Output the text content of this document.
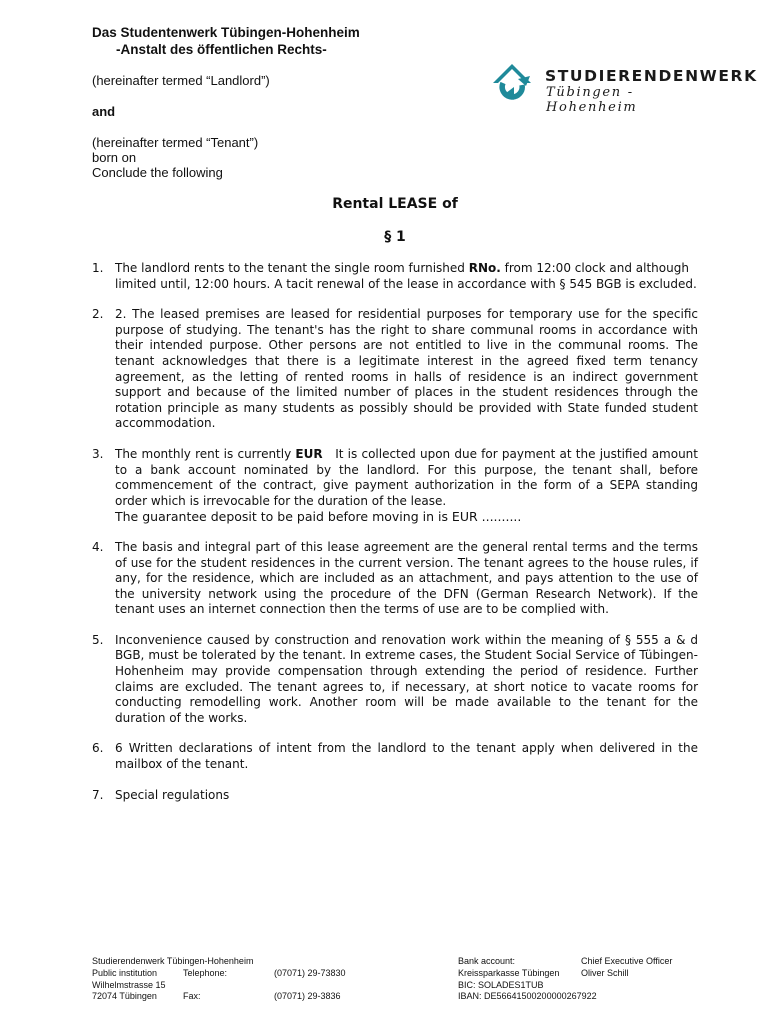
Das Studentenwerk Tübingen-Hohenheim
-Anstalt des öffentlichen Rechts-
(hereinafter termed “Landlord”)
and
(hereinafter termed “Tenant”)
born on
Conclude the following
STUDIERENDENWERK
Tübingen - Hohenheim
Rental LEASE of
§ 1
1. The landlord rents to the tenant the single room furnished RNo. from 12:00 clock and although limited until, 12:00 hours. A tacit renewal of the lease in accordance with § 545 BGB is excluded.

2. 2. The leased premises are leased for residential purposes for temporary use for the specific purpose of studying. The tenant's has the right to share communal rooms in accordance with their intended purpose. Other persons are not entitled to live in the communal rooms. The tenant acknowledges that there is a legitimate interest in the agreed fixed term tenancy agreement, as the letting of rented rooms in halls of residence is an indirect government support and because of the limited number of places in the student residences through the rotation principle as many students as possibly should be provided with State funded student accommodation.

3. The monthly rent is currently EUR   It is collected upon due for payment at the justified amount to a bank account nominated by the landlord. For this purpose, the tenant shall, before commencement of the contract, give payment authorization in the form of a SEPA standing order which is irrevocable for the duration of the lease.

The guarantee deposit to be paid before moving in is EUR ..........

4. The basis and integral part of this lease agreement are the general rental terms and the terms of use for the student residences in the current version. The tenant agrees to the house rules, if any, for the residence, which are included as an attachment, and pays attention to the use of the university network using the procedure of the DFN (German Research Network). If the tenant uses an internet connection then the terms of use are to be complied with.

5. Inconvenience caused by construction and renovation work within the meaning of § 555 a & d BGB, must be tolerated by the tenant. In extreme cases, the Student Social Service of Tübingen-Hohenheim may provide compensation through extending the period of residence. Further claims are excluded. The tenant agrees to, if necessary, at short notice to vacate rooms for conducting remodelling work. Another room will be made available to the tenant for the duration of the works.

6. 6 Written declarations of intent from the landlord to the tenant apply when delivered in the mailbox of the tenant.

7. Special regulations

Studierendenwerk Tübingen-Hohenheim
Public institution
Wilhelmstrasse 15
72074 Tübingen
Telephone:

Fax:
(07071) 29-73830

(07071) 29-3836
Bank account:
Kreissparkasse Tübingen
BIC: SOLADES1TUB
IBAN: DE56641500200000267922
Chief Executive Officer
Oliver Schill
